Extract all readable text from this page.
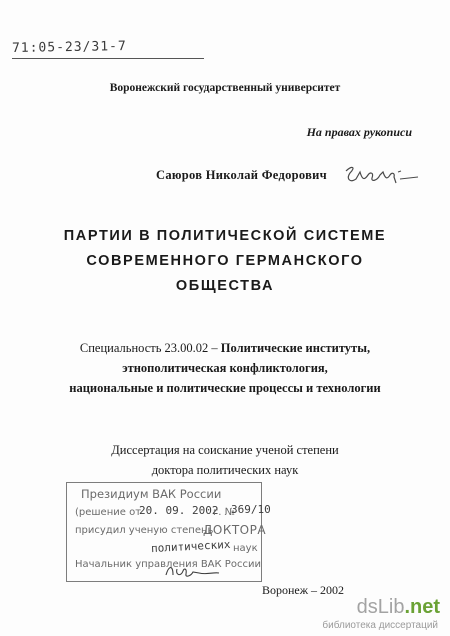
71:05-23/31-7
Воронежский государственный университет
На правах рукописи
Саюров Николай Федорович
ПАРТИИ В ПОЛИТИЧЕСКОЙ СИСТЕМЕ
СОВРЕМЕННОГО ГЕРМАНСКОГО
ОБЩЕСТВА
Специальность 23.00.02 – Политические институты,
этнополитическая конфликтология,
национальные и политические процессы и технологии
Диссертация на соискание ученой степени
доктора политических наук
Президиум ВАК России
(решение от
20. 09. 2002
г. №
369/10
присудил ученую степень
ДОКТОРА
политических наук
Начальник управления ВАК России
Воронеж – 2002
dsLib.net
библиотека диссертаций
